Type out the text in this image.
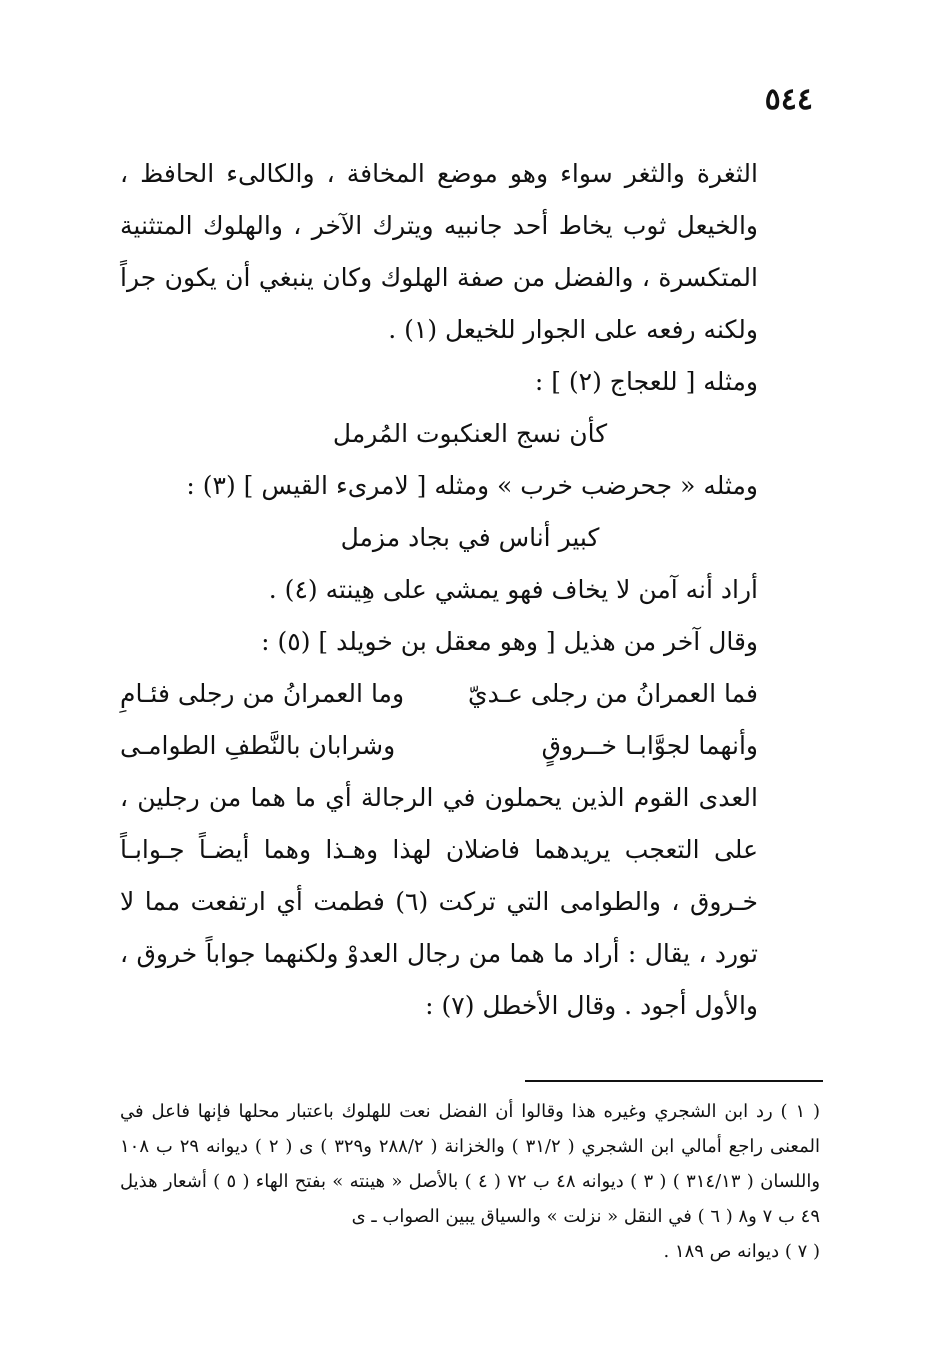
٥٤٤

الثغرة والثغر سواء وهو موضع المخافة ، والكالىء الحافظ ، والخيعل ثوب يخاط أحد جانبيه ويترك الآخر ، والهلوك المتثنية المتكسرة ، والفضل من صفة الهلوك وكان ينبغي أن يكون جراً ولكنه رفعه على الجوار للخيعل (١) .

ومثله [ للعجاج (٢) ] :

كأن نسج العنكبوت المُرمل

ومثله « جحرضب خرب » ومثله [ لامرىء القيس ] (٣) :

كبير أناس في بجاد مزمل

أراد أنه آمن لا يخاف فهو يمشي على هِينته (٤) .

وقال آخر من هذيل [ وهو معقل بن خويلد ] (٥) :

فما العمرانُ من رجلى عـديّ
وما العمرانُ من رجلى فئـامِ
وأنهما لجوَّابـا خــروقٍ
وشرابان بالنَّطفِ الطوامـى

العدى القوم الذين يحملون في الرجالة أي ما هما من رجلين ، على التعجب يريدهما فاضلان لهذا وهـذا وهما أيضـاً جـوابـاً خـروق ، والطوامى التي تركت (٦) فطمت أي ارتفعت مما لا تورد ، يقال : أراد ما هما من رجال العدوْ ولكنهما جواباً خروق ، والأول أجود . وقال الأخطل (٧) :

( ١ ) رد ابن الشجري وغيره هذا وقالوا أن الفضل نعت للهلوك باعتبار محلها فإنها فاعل في المعنى راجع أمالي ابن الشجري ( ٣١/٢ ) والخزانة ( ٢٨٨/٢ و٣٢٩ ) ى ( ٢ ) ديوانه ٢٩ ب ١٠٨ واللسان ( ٣١٤/١٣ ) ( ٣ ) ديوانه ٤٨ ب ٧٢ ( ٤ ) بالأصل « هينته » بفتح الهاء ( ٥ ) أشعار هذيل ٤٩ ب ٧ و٨ ( ٦ ) في النقل « نزلت » والسياق يبين الصواب ـ ى

( ٧ ) ديوانه ص ١٨٩ .
